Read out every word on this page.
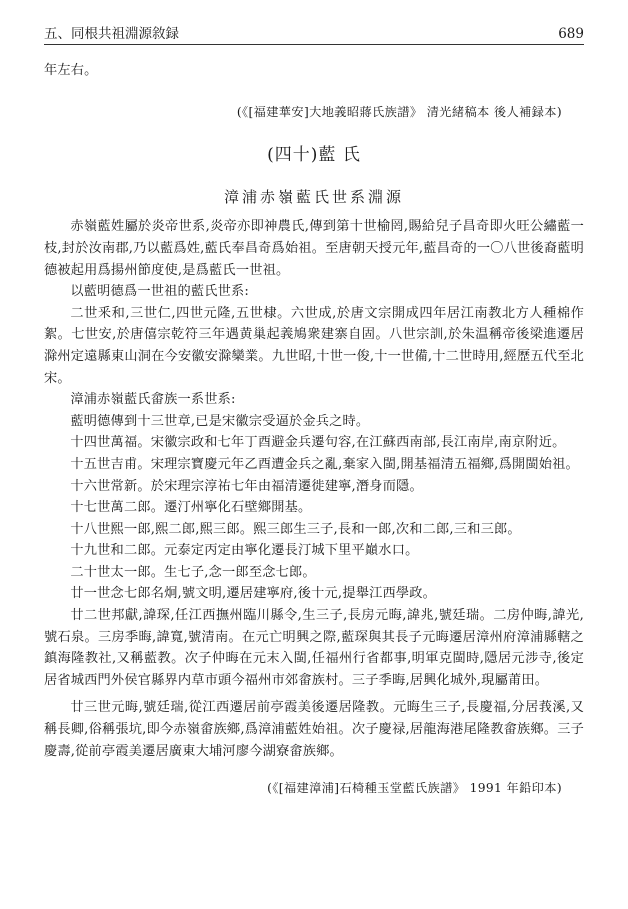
五、同根共祖淵源敘録	689

年左右。

(《[福建華安]大地義昭蔣氏族譜》 清光緒稿本 後人補録本)

(四十)藍 氏

漳浦赤嶺藍氏世系淵源

赤嶺藍姓屬於炎帝世系,炎帝亦即神農氏,傳到第十世榆罔,賜給兒子昌奇即火旺公繡藍一枝,封於汝南郡,乃以藍爲姓,藍氏奉昌奇爲始祖。至唐朝天授元年,藍昌奇的一〇八世後裔藍明德被起用爲揚州節度使,是爲藍氏一世祖。

以藍明德爲一世祖的藍氏世系:

二世釆和,三世仁,四世元隆,五世棣。六世成,於唐文宗開成四年居江南教北方人種棉作絮。七世安,於唐僖宗乾符三年遇黄巢起義鳩衆建寨自固。八世宗訓,於朱温稱帝後梁進遷居滁州定遠縣東山洞在今安徽安滁欒業。九世昭,十世一俊,十一世備,十二世時用,經歷五代至北宋。

漳浦赤嶺藍氏畲族一系世系:

藍明德傳到十三世章,已是宋徽宗受逼於金兵之時。

十四世萬福。宋徽宗政和七年丁酉避金兵遷句容,在江蘇西南部,長江南岸,南京附近。

十五世吉甫。宋理宗寶慶元年乙酉遭金兵之亂,棄家入閩,開基福清五福鄉,爲開閩始祖。

十六世常新。於宋理宗淳祐七年由福清遷徙建寧,潛身而隱。

十七世萬二郎。遷汀州寧化石壁鄉開基。

十八世熙一郎,熙二郎,熙三郎。熙三郎生三子,長和一郎,次和二郎,三和三郎。

十九世和二郎。元泰定丙定由寧化遷長汀城下里平巔水口。

二十世太一郎。生七子,念一郎至念七郎。

廿一世念七郎名炯,號文明,遷居建寧府,後十元,提舉江西學政。

廿二世邦獻,諱琛,任江西撫州臨川縣令,生三子,長房元晦,諱兆,號廷瑞。二房仲晦,諱光,號石泉。三房季晦,諱寬,號清南。在元亡明興之際,藍琛與其長子元晦遷居漳州府漳浦縣轄之鎮海隆教社,又稱藍教。次子仲晦在元末入閩,任福州行省都事,明軍克閩時,隱居元涉寺,後定居省城西門外侯官縣界内草市頭今福州市郊畲族村。三子季晦,居興化城外,現屬莆田。

廿三世元晦,號廷瑞,從江西遷居前亭霞美後遷居隆教。元晦生三子,長慶福,分居莪溪,又稱長卿,俗稱張坑,即今赤嶺畲族鄉,爲漳浦藍姓始祖。次子慶禄,居龍海港尾隆教畲族鄉。三子慶壽,從前亭霞美遷居廣東大埔河廖今湖寮畲族鄉。

(《[福建漳浦]石椅種玉堂藍氏族譜》 1991 年鉛印本)
